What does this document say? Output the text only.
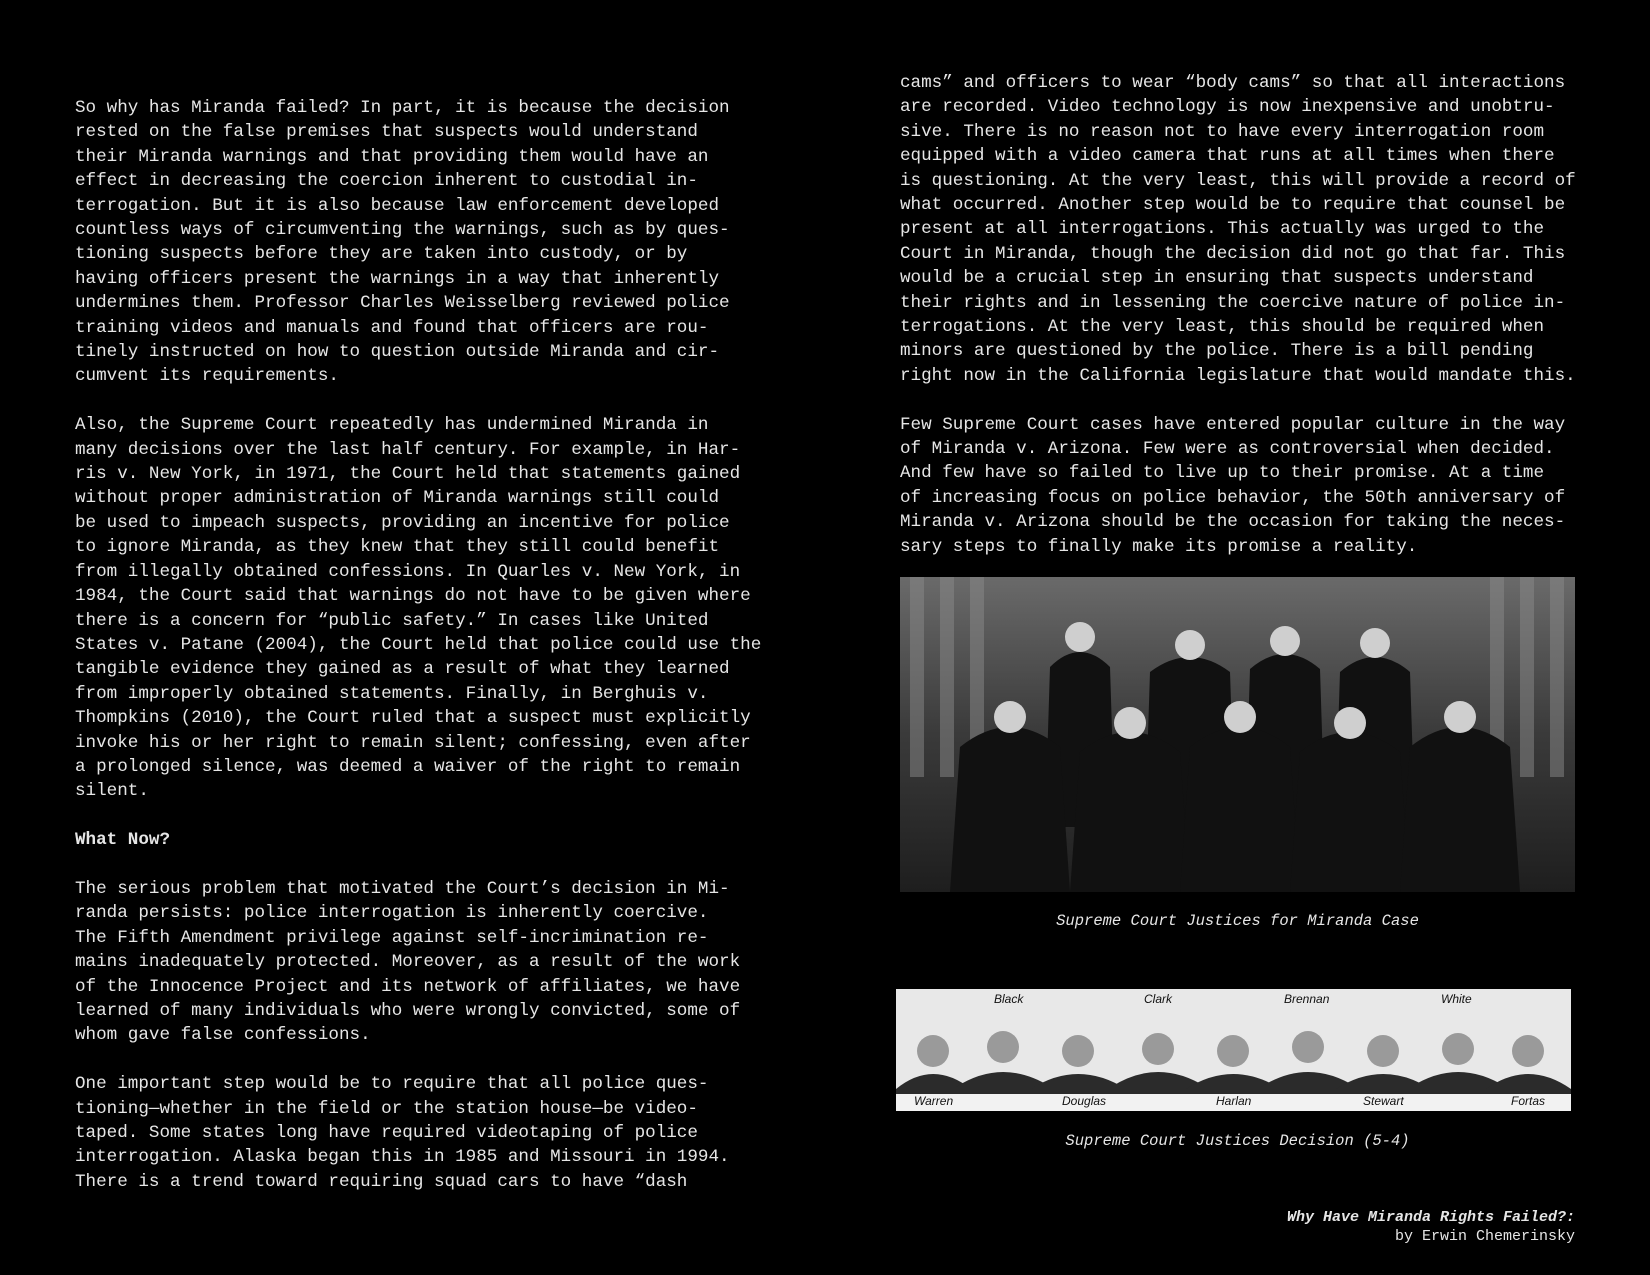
So why has Miranda failed? In part, it is because the decision
rested on the false premises that suspects would understand
their Miranda warnings and that providing them would have an
effect in decreasing the coercion inherent to custodial in-
terrogation. But it is also because law enforcement developed
countless ways of circumventing the warnings, such as by ques-
tioning suspects before they are taken into custody, or by
having officers present the warnings in a way that inherently
undermines them. Professor Charles Weisselberg reviewed police
training videos and manuals and found that officers are rou-
tinely instructed on how to question outside Miranda and cir-
cumvent its requirements.

Also, the Supreme Court repeatedly has undermined Miranda in
many decisions over the last half century. For example, in Har-
ris v. New York, in 1971, the Court held that statements gained
without proper administration of Miranda warnings still could
be used to impeach suspects, providing an incentive for police
to ignore Miranda, as they knew that they still could benefit
from illegally obtained confessions. In Quarles v. New York, in
1984, the Court said that warnings do not have to be given where
there is a concern for “public safety.” In cases like United
States v. Patane (2004), the Court held that police could use the
tangible evidence they gained as a result of what they learned
from improperly obtained statements. Finally, in Berghuis v.
Thompkins (2010), the Court ruled that a suspect must explicitly
invoke his or her right to remain silent; confessing, even after
a prolonged silence, was deemed a waiver of the right to remain
silent.

What Now?

The serious problem that motivated the Court’s decision in Mi-
randa persists: police interrogation is inherently coercive.
The Fifth Amendment privilege against self-incrimination re-
mains inadequately protected. Moreover, as a result of the work
of the Innocence Project and its network of affiliates, we have
learned of many individuals who were wrongly convicted, some of
whom gave false confessions.

One important step would be to require that all police ques-
tioning—whether in the field or the station house—be video-
taped. Some states long have required videotaping of police
interrogation. Alaska began this in 1985 and Missouri in 1994.
There is a trend toward requiring squad cars to have “dash

cams” and officers to wear “body cams” so that all interactions
are recorded. Video technology is now inexpensive and unobtru-
sive. There is no reason not to have every interrogation room
equipped with a video camera that runs at all times when there
is questioning. At the very least, this will provide a record of
what occurred. Another step would be to require that counsel be
present at all interrogations. This actually was urged to the
Court in Miranda, though the decision did not go that far. This
would be a crucial step in ensuring that suspects understand
their rights and in lessening the coercive nature of police in-
terrogations. At the very least, this should be required when
minors are questioned by the police. There is a bill pending
right now in the California legislature that would mandate this.

Few Supreme Court cases have entered popular culture in the way
of Miranda v. Arizona. Few were as controversial when decided.
And few have so failed to live up to their promise. At a time
of increasing focus on police behavior, the 50th anniversary of
Miranda v. Arizona should be the occasion for taking the neces-
sary steps to finally make its promise a reality.

Supreme Court Justices for Miranda Case
Black	Clark	Brennan	White
Warren	Douglas	Harlan	Stewart	Fortas
Supreme Court Justices Decision (5-4)
Why Have Miranda Rights Failed?:
by Erwin Chemerinsky
